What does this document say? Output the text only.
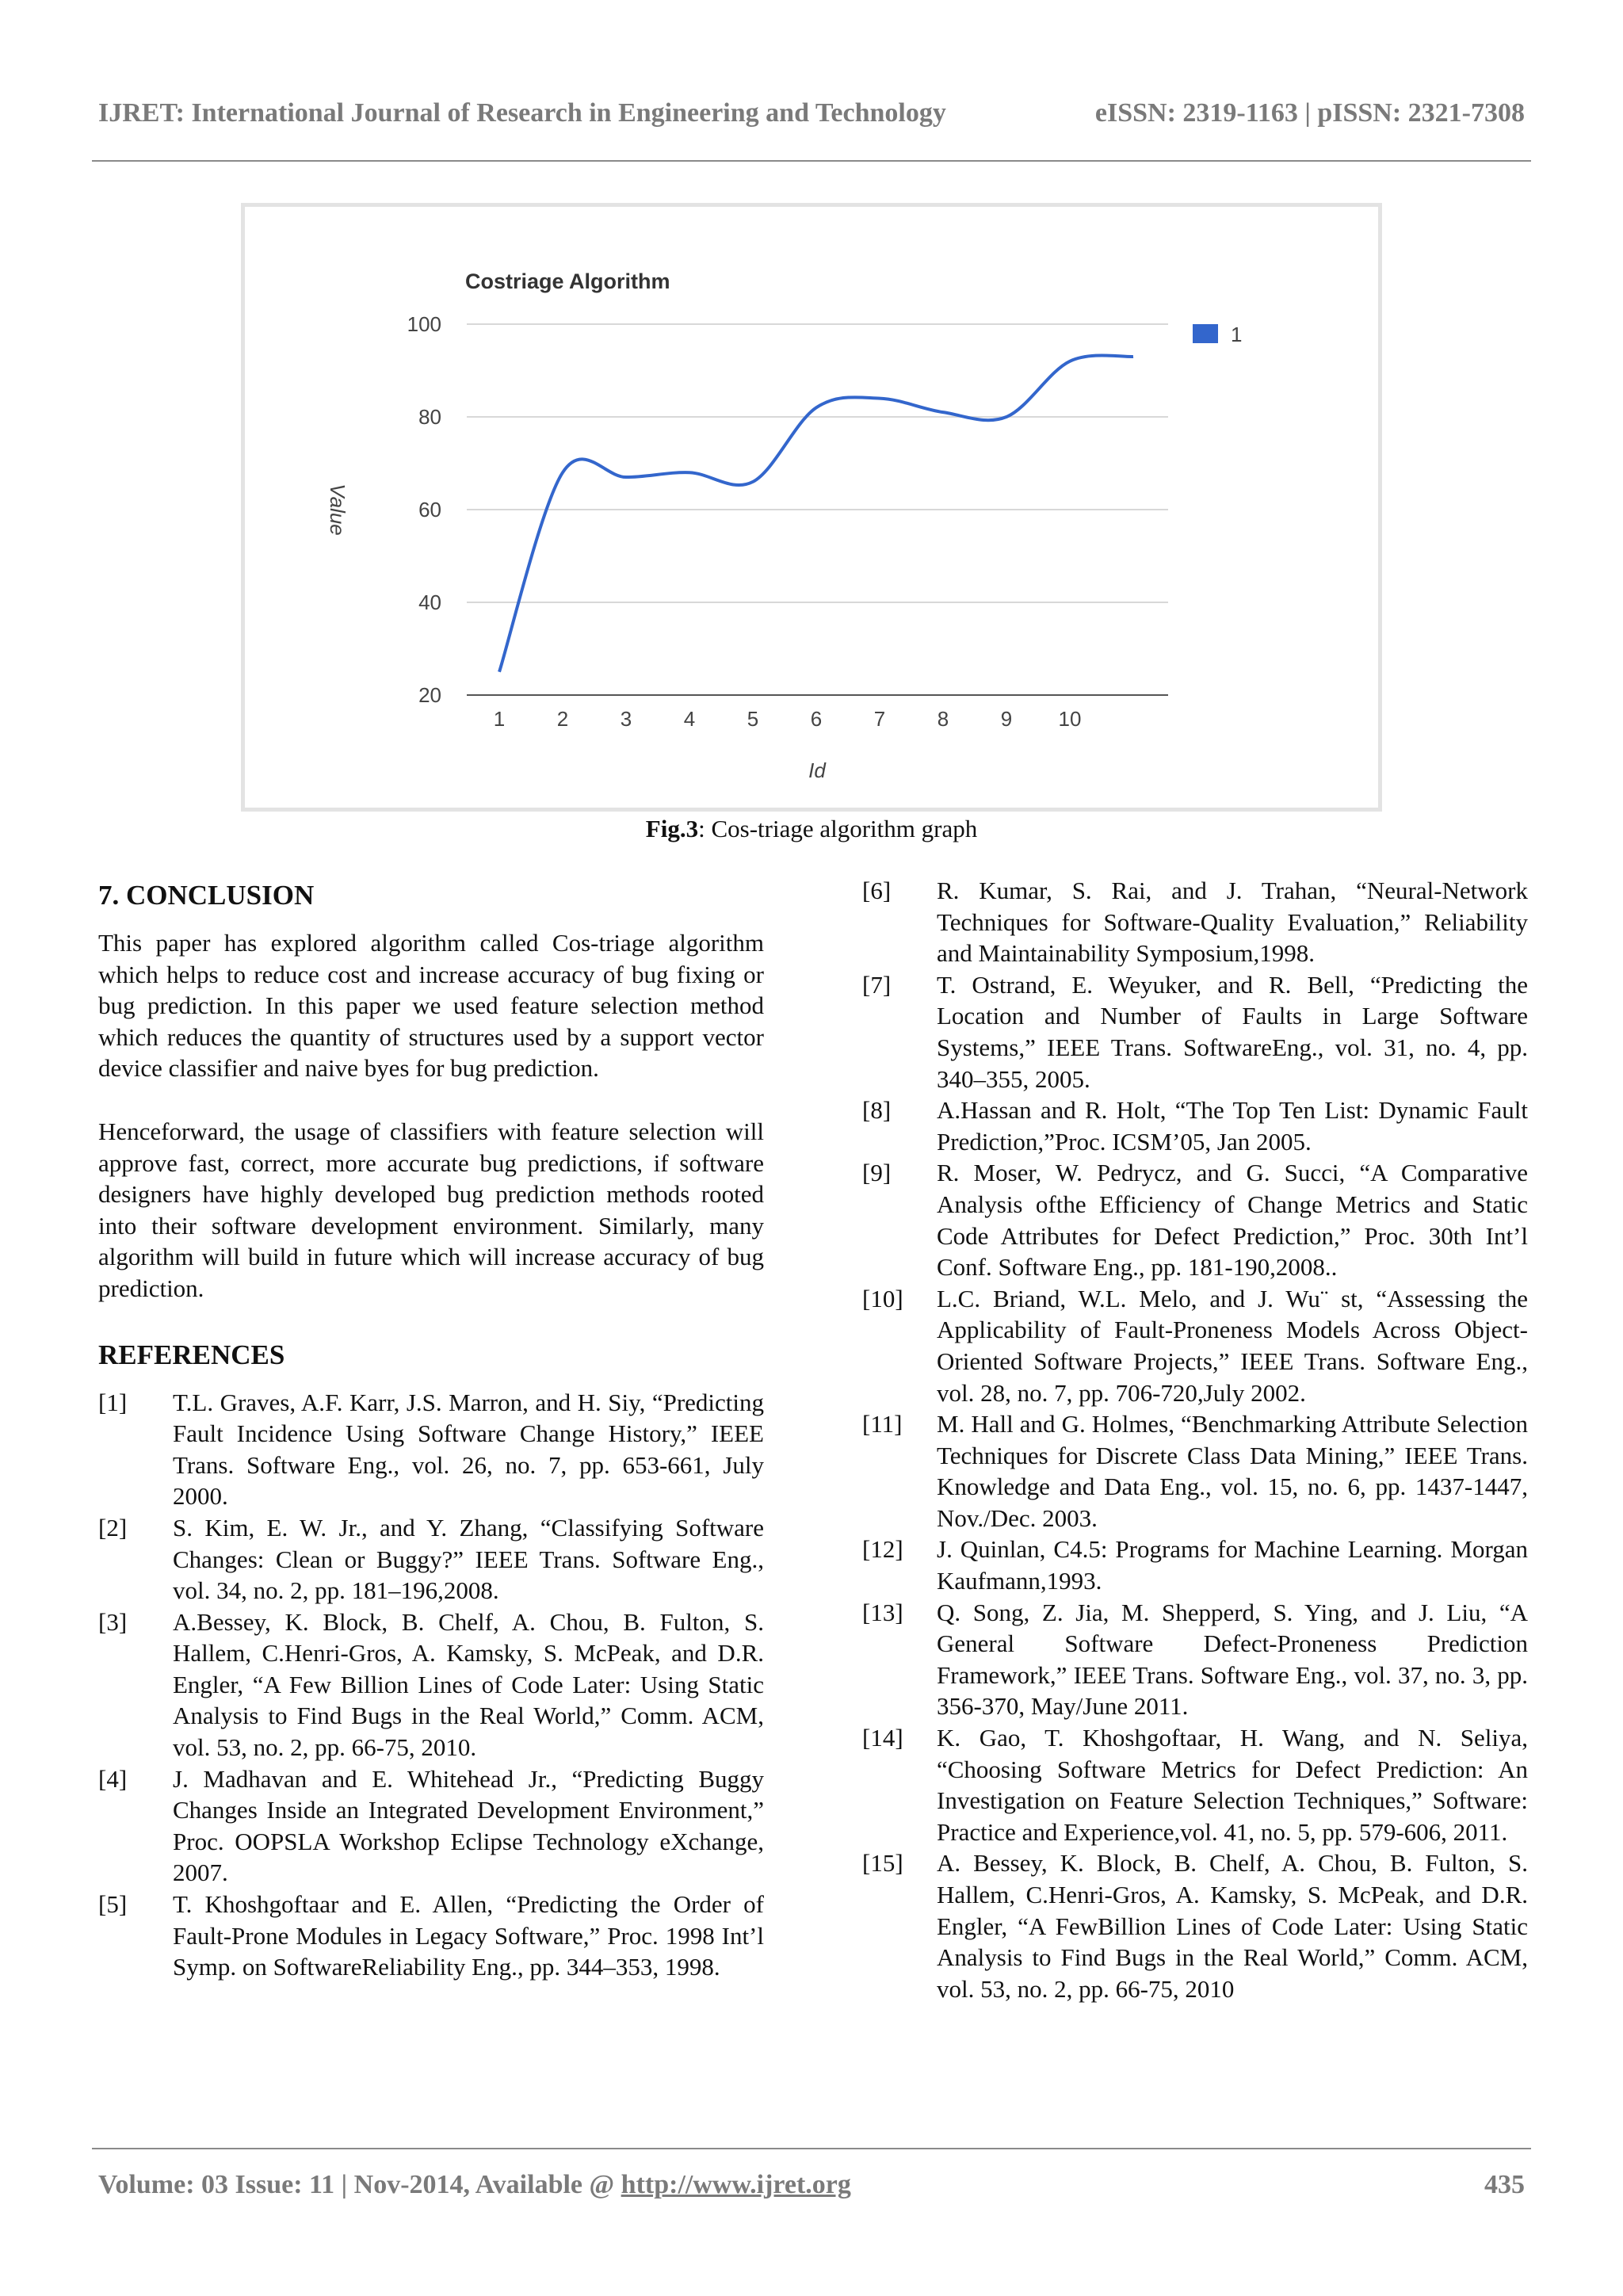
IJRET: International Journal of Research in Engineering and Technology	eISSN: 2319-1163 | pISSN: 2321-7308
Costriage Algorithm
100
80
60
40
20
1	2	3	4	5	6	7	8	9 10
Id
Value
1
Fig.3: Cos-triage algorithm graph
7. CONCLUSION

This paper has explored algorithm called Cos-triage algorithm which helps to reduce cost and increase accuracy of bug fixing or bug prediction. In this paper we used feature selection method which reduces the quantity of structures used by a support vector device classifier and naive byes for bug prediction.

Henceforward, the usage of classifiers with feature selection will approve fast, correct, more accurate bug predictions, if software designers have highly developed bug prediction methods rooted into their software development environment. Similarly, many algorithm will build in future which will increase accuracy of bug prediction.

REFERENCES
[1] T.L. Graves, A.F. Karr, J.S. Marron, and H. Siy, “Predicting Fault Incidence Using Software Change History,” IEEE Trans. Software Eng., vol. 26, no. 7, pp. 653-661, July 2000.
[2] S. Kim, E. W. Jr., and Y. Zhang, “Classifying Software Changes: Clean or Buggy?” IEEE Trans. Software Eng., vol. 34, no. 2, pp. 181–196,2008.
[3] A.Bessey, K. Block, B. Chelf, A. Chou, B. Fulton, S. Hallem, C.Henri-Gros, A. Kamsky, S. McPeak, and D.R. Engler, “A Few Billion Lines of Code Later: Using Static Analysis to Find Bugs in the Real World,” Comm. ACM, vol. 53, no. 2, pp. 66-75, 2010.
[4] J. Madhavan and E. Whitehead Jr., “Predicting Buggy Changes Inside an Integrated Development Environment,” Proc. OOPSLA Workshop Eclipse Technology eXchange, 2007.
[5] T. Khoshgoftaar and E. Allen, “Predicting the Order of Fault-Prone Modules in Legacy Software,” Proc. 1998 Int’l Symp. on SoftwareReliability Eng., pp. 344–353, 1998.
[6] R. Kumar, S. Rai, and J. Trahan, “Neural-Network Techniques for Software-Quality Evaluation,” Reliability and Maintainability Symposium,1998.
[7] T. Ostrand, E. Weyuker, and R. Bell, “Predicting the Location and Number of Faults in Large Software Systems,” IEEE Trans. SoftwareEng., vol. 31, no. 4, pp. 340–355, 2005.
[8] A.Hassan and R. Holt, “The Top Ten List: Dynamic Fault Prediction,”Proc. ICSM’05, Jan 2005.
[9] R. Moser, W. Pedrycz, and G. Succi, “A Comparative Analysis ofthe Efficiency of Change Metrics and Static Code Attributes for Defect Prediction,” Proc. 30th Int’l Conf. Software Eng., pp. 181-190,2008..
[10] L.C. Briand, W.L. Melo, and J. Wu¨ st, “Assessing the Applicability of Fault-Proneness Models Across Object-Oriented Software Projects,” IEEE Trans. Software Eng., vol. 28, no. 7, pp. 706-720,July 2002.
[11] M. Hall and G. Holmes, “Benchmarking Attribute Selection Techniques for Discrete Class Data Mining,” IEEE Trans. Knowledge and Data Eng., vol. 15, no. 6, pp. 1437-1447, Nov./Dec. 2003.
[12] J. Quinlan, C4.5: Programs for Machine Learning. Morgan Kaufmann,1993.
[13] Q. Song, Z. Jia, M. Shepperd, S. Ying, and J. Liu, “A General Software Defect-Proneness Prediction Framework,” IEEE Trans. Software Eng., vol. 37, no. 3, pp. 356-370, May/June 2011.
[14] K. Gao, T. Khoshgoftaar, H. Wang, and N. Seliya, “Choosing Software Metrics for Defect Prediction: An Investigation on Feature Selection Techniques,” Software: Practice and Experience,vol. 41, no. 5, pp. 579-606, 2011.
[15] A. Bessey, K. Block, B. Chelf, A. Chou, B. Fulton, S. Hallem, C.Henri-Gros, A. Kamsky, S. McPeak, and D.R. Engler, “A FewBillion Lines of Code Later: Using Static Analysis to Find Bugs in the Real World,” Comm. ACM, vol. 53, no. 2, pp. 66-75, 2010
Volume: 03 Issue: 11 | Nov-2014, Available @ http://www.ijret.org	435
